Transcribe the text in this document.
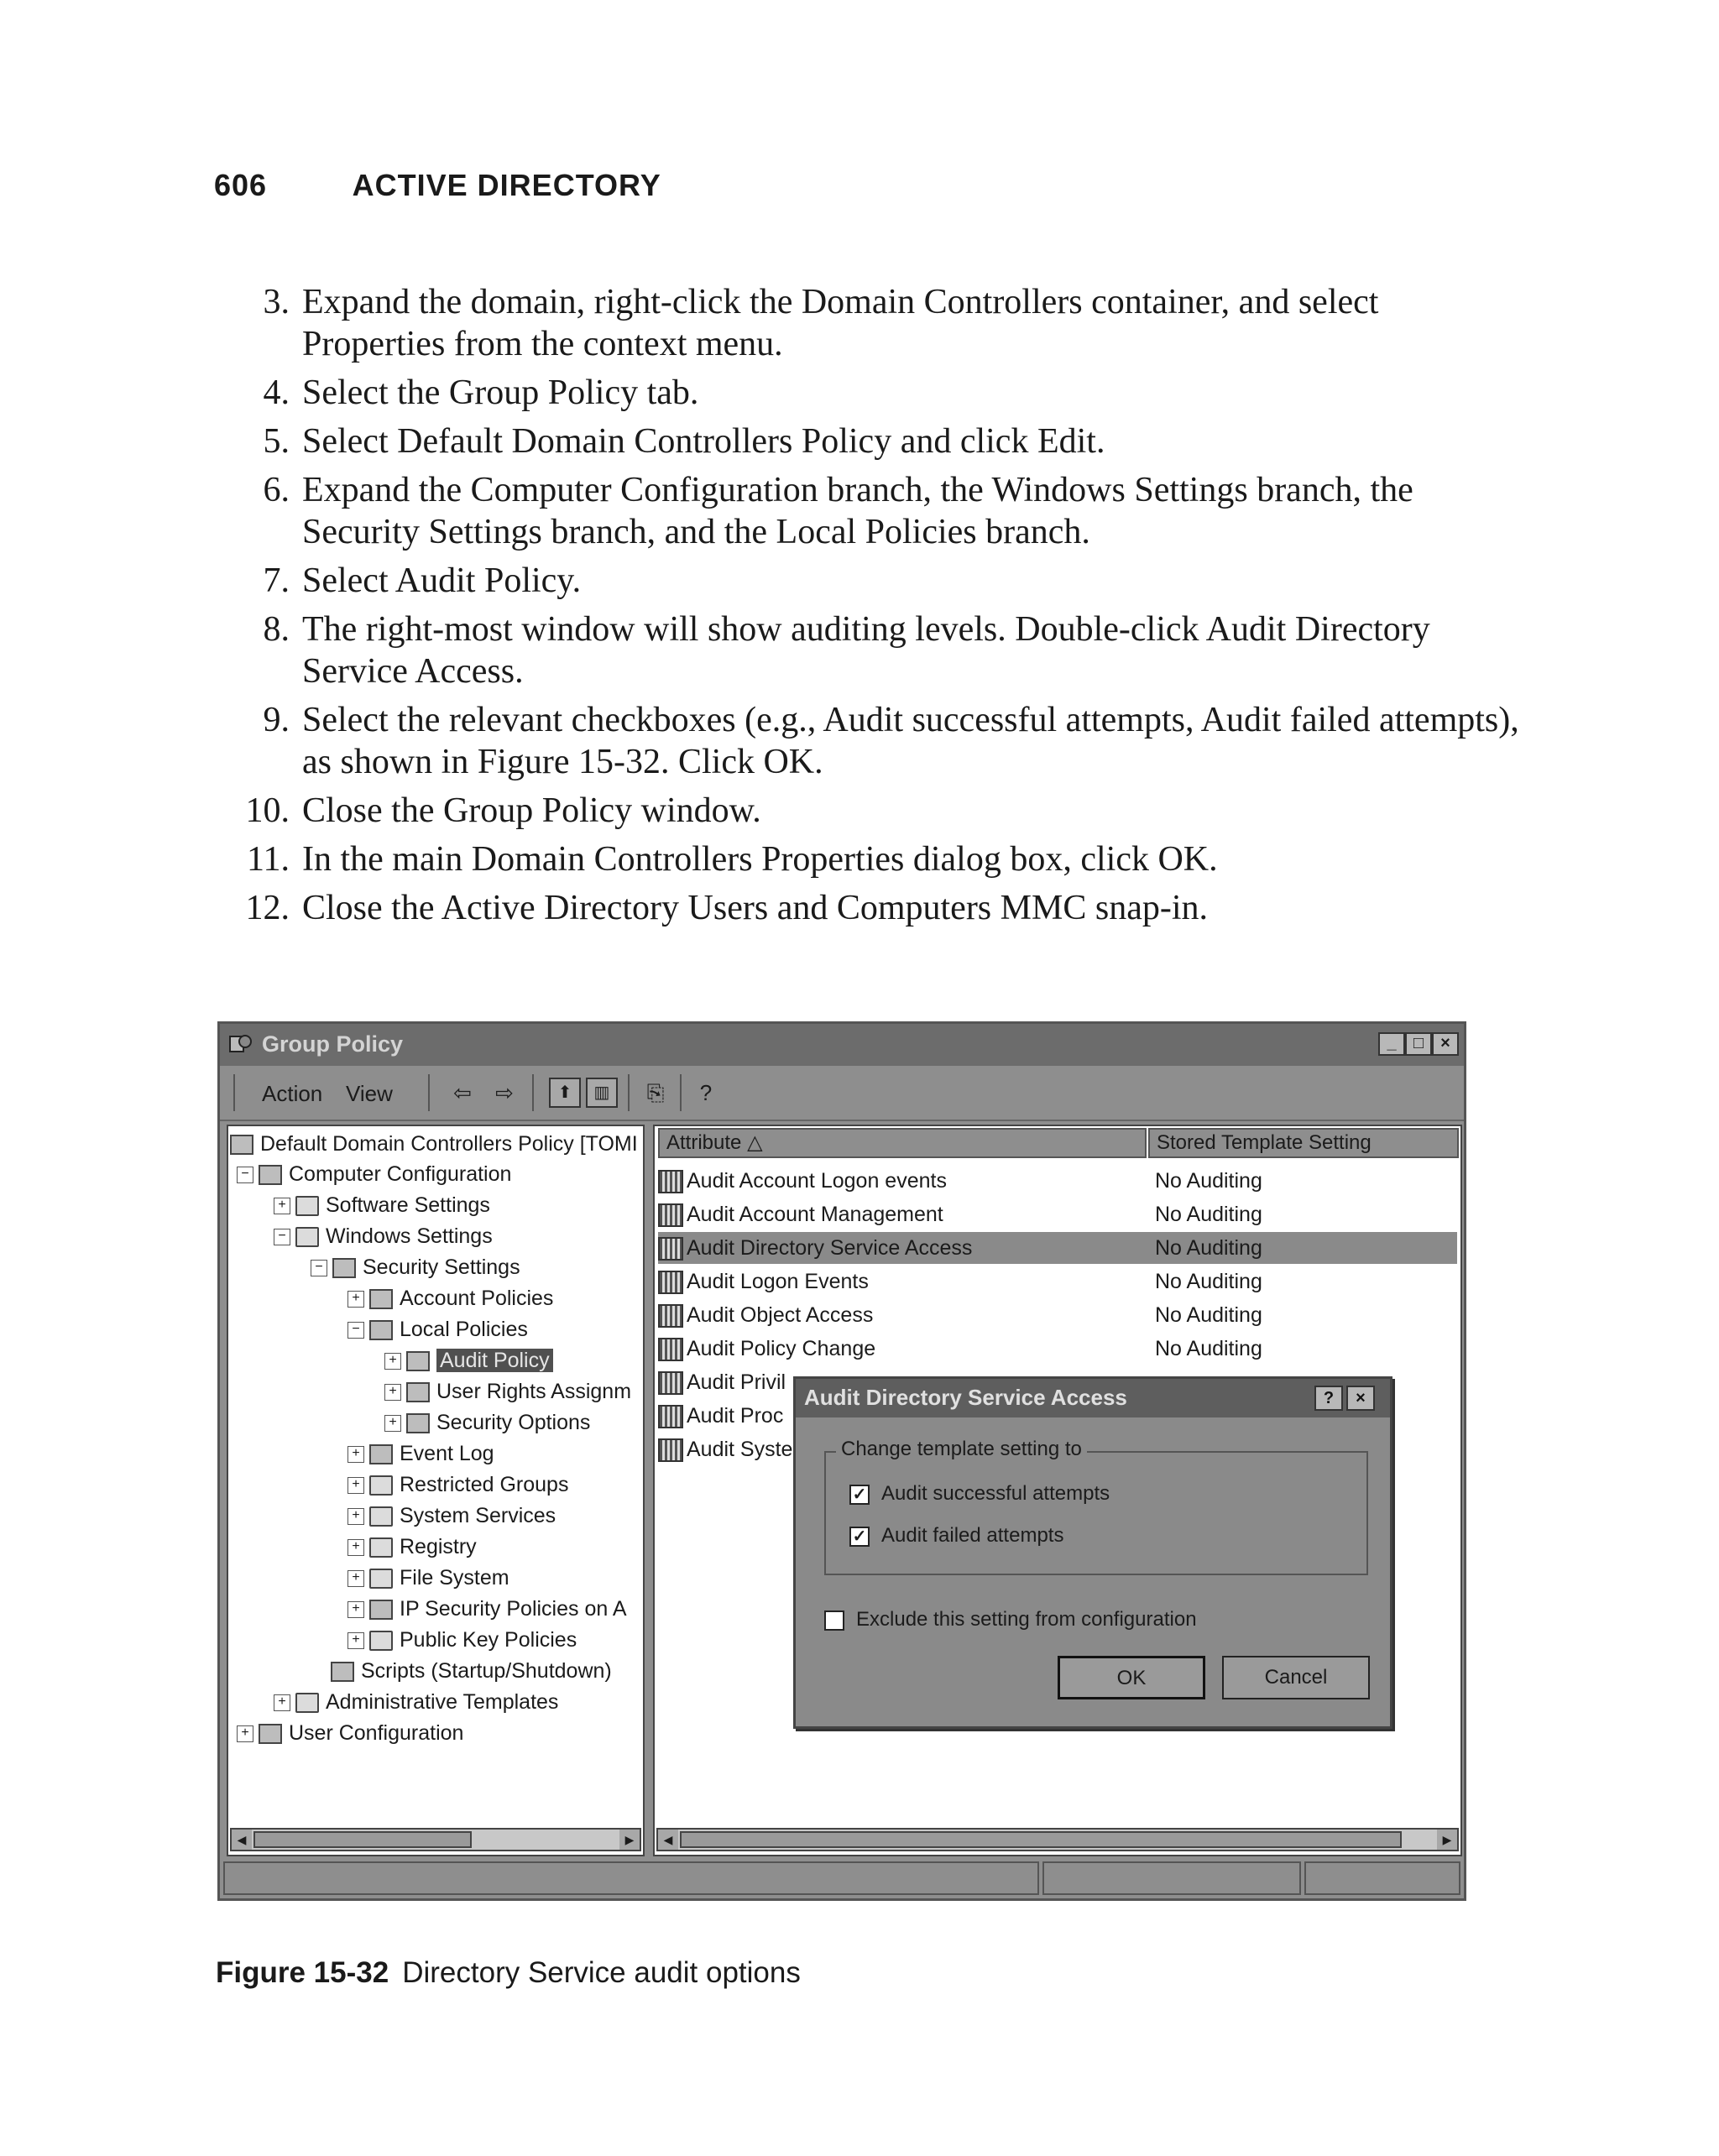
606	ACTIVE DIRECTORY
3. Expand the domain, right-click the Domain Controllers container, and select Properties from the context menu.
4. Select the Group Policy tab.
5. Select Default Domain Controllers Policy and click Edit.
6. Expand the Computer Configuration branch, the Windows Settings branch, the Security Settings branch, and the Local Policies branch.
7. Select Audit Policy.
8. The right-most window will show auditing levels. Double-click Audit Directory Service Access.
9. Select the relevant checkboxes (e.g., Audit successful attempts, Audit failed attempts), as shown in Figure 15-32. Click OK.
10. Close the Group Policy window.
11. In the main Domain Controllers Properties dialog box, click OK.
12. Close the Active Directory Users and Computers MMC snap-in.
Group Policy	_	□	×
Action View	⇦	⇨	⬆	▥	⎘	?
Default Domain Controllers Policy [TOMI
− Computer Configuration
+ Software Settings
− Windows Settings
− Security Settings
+ Account Policies
− Local Policies
+ Audit Policy
+ User Rights Assignm
+ Security Options
+ Event Log
+ Restricted Groups
+ System Services
+ Registry
+ File System
+ IP Security Policies on A
+ Public Key Policies
Scripts (Startup/Shutdown)
+ Administrative Templates
+ User Configuration
◀	▶
Attribute △	Stored Template Setting
Audit Account Logon events	No Auditing
Audit Account Management	No Auditing
Audit Directory Service Access	No Auditing
Audit Logon Events	No Auditing
Audit Object Access	No Auditing
Audit Policy Change	No Auditing
Audit Privil
Audit Proc
Audit Syste
◀	▶
Audit Directory Service Access	?	×
Change template setting to
✓ Audit successful attempts
✓ Audit failed attempts
Exclude this setting from configuration
OK	Cancel
Figure 15-32 Directory Service audit options
